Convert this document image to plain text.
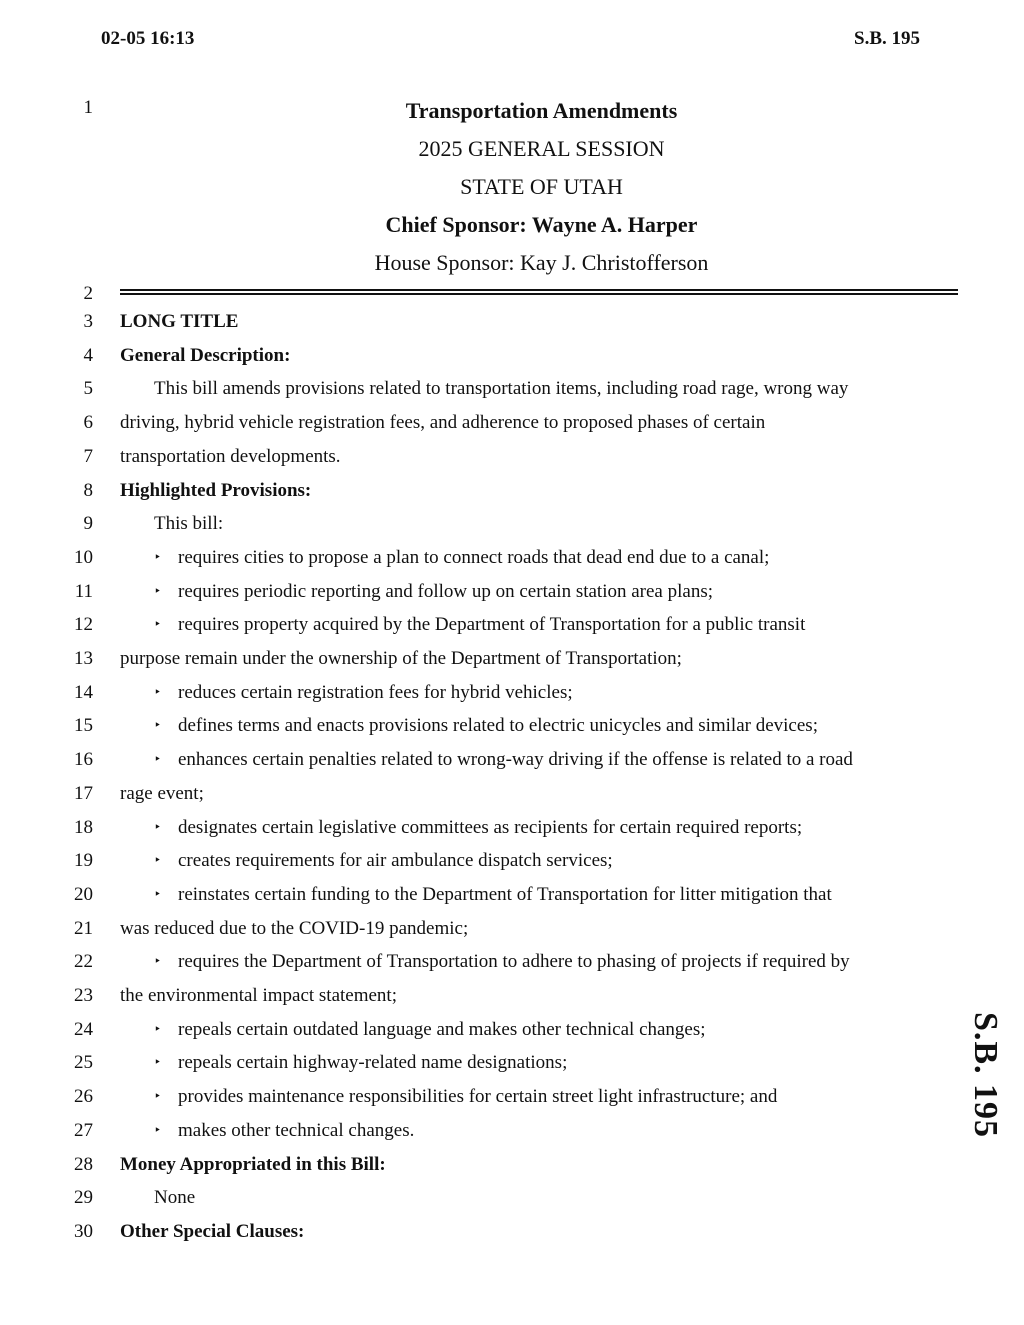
02-05 16:13	S.B. 195
1
2
3
4
5
6
7
8
9
10
11
12
13
14
15
16
17
18
19
20
21
22
23
24
25
26
27
28
29
30
Transportation Amendments
2025 GENERAL SESSION
STATE OF UTAH
Chief Sponsor: Wayne A. Harper
House Sponsor: Kay J. Christofferson
LONG TITLE
General Description:
This bill amends provisions related to transportation items, including road rage, wrong way
driving, hybrid vehicle registration fees, and adherence to proposed phases of certain
transportation developments.
Highlighted Provisions:
This bill:
‣ requires cities to propose a plan to connect roads that dead end due to a canal;
‣ requires periodic reporting and follow up on certain station area plans;
‣ requires property acquired by the Department of Transportation for a public transit
purpose remain under the ownership of the Department of Transportation;
‣ reduces certain registration fees for hybrid vehicles;
‣ defines terms and enacts provisions related to electric unicycles and similar devices;
‣ enhances certain penalties related to wrong-way driving if the offense is related to a road
rage event;
‣ designates certain legislative committees as recipients for certain required reports;
‣ creates requirements for air ambulance dispatch services;
‣ reinstates certain funding to the Department of Transportation for litter mitigation that
was reduced due to the COVID-19 pandemic;
‣ requires the Department of Transportation to adhere to phasing of projects if required by
the environmental impact statement;
‣ repeals certain outdated language and makes other technical changes;
‣ repeals certain highway-related name designations;
‣ provides maintenance responsibilities for certain street light infrastructure; and
‣ makes other technical changes.
Money Appropriated in this Bill:
None
Other Special Clauses:
S.B. 195
